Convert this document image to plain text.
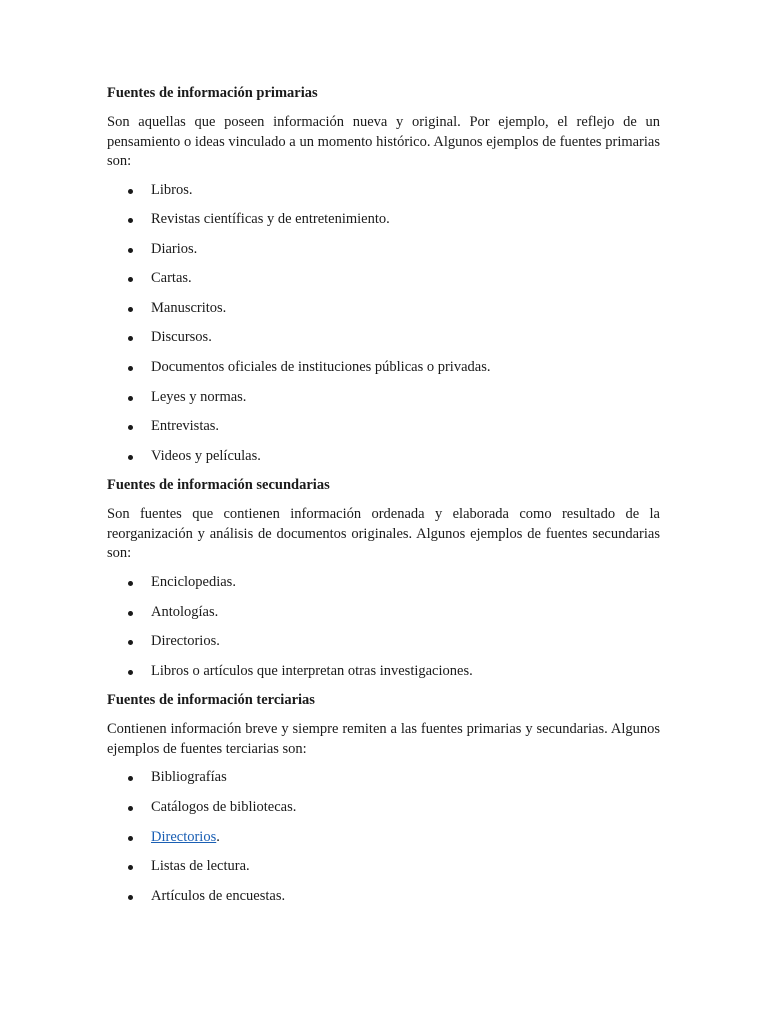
Fuentes de información primarias

Son aquellas que poseen información nueva y original. Por ejemplo, el reflejo de un pensamiento o ideas vinculado a un momento histórico. Algunos ejemplos de fuentes primarias son:

Libros.
Revistas científicas y de entretenimiento.
Diarios.
Cartas.
Manuscritos.
Discursos.
Documentos oficiales de instituciones públicas o privadas.
Leyes y normas.
Entrevistas.
Videos y películas.
Fuentes de información secundarias

Son fuentes que contienen información ordenada y elaborada como resultado de la reorganización y análisis de documentos originales. Algunos ejemplos de fuentes secundarias son:

Enciclopedias.
Antologías.
Directorios.
Libros o artículos que interpretan otras investigaciones.
Fuentes de información terciarias

Contienen información breve y siempre remiten a las fuentes primarias y secundarias. Algunos ejemplos de fuentes terciarias son:

Bibliografías
Catálogos de bibliotecas.
Directorios.
Listas de lectura.
Artículos de encuestas.
